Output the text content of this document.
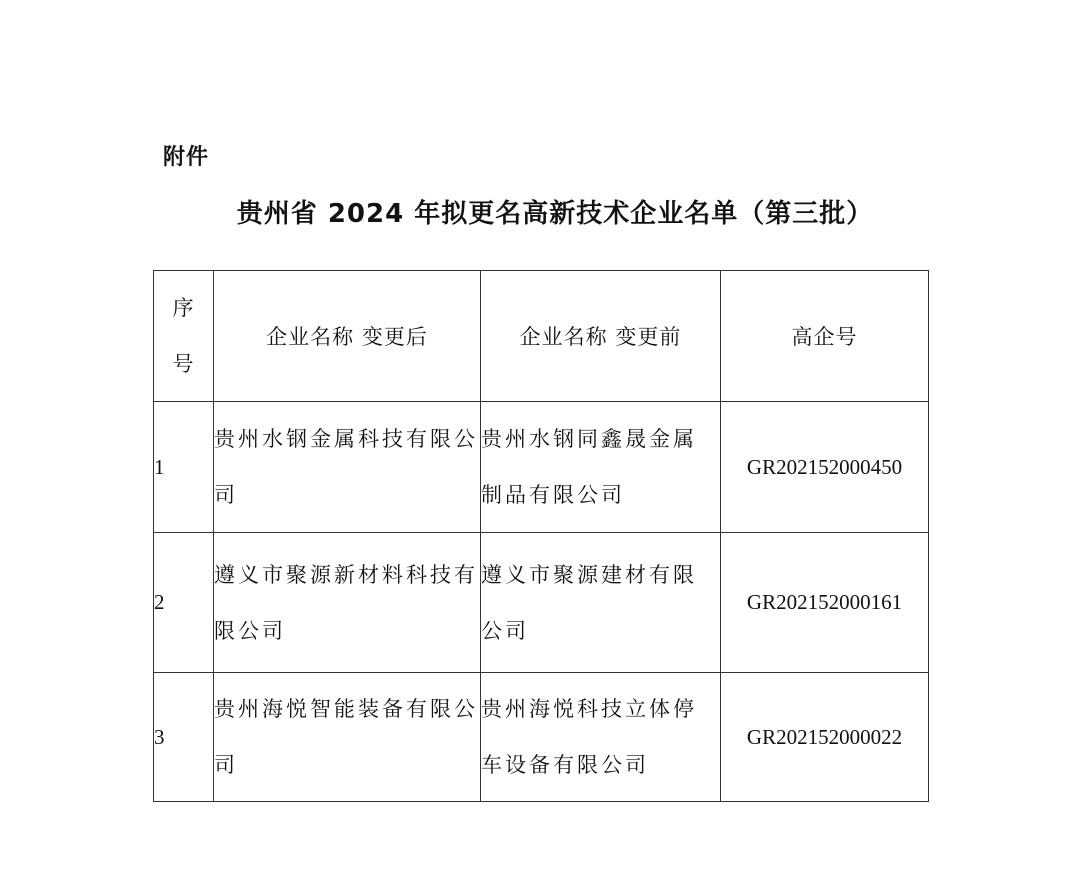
附件
贵州省 2024 年拟更名高新技术企业名单（第三批）
序号	企业名称 变更后	企业名称 变更前	高企号
1	贵州水钢金属科技有限公司	贵州水钢同鑫晟金属制品有限公司	GR202152000450
2	遵义市聚源新材料科技有限公司	遵义市聚源建材有限公司	GR202152000161
3	贵州海悦智能装备有限公司	贵州海悦科技立体停车设备有限公司	GR202152000022
